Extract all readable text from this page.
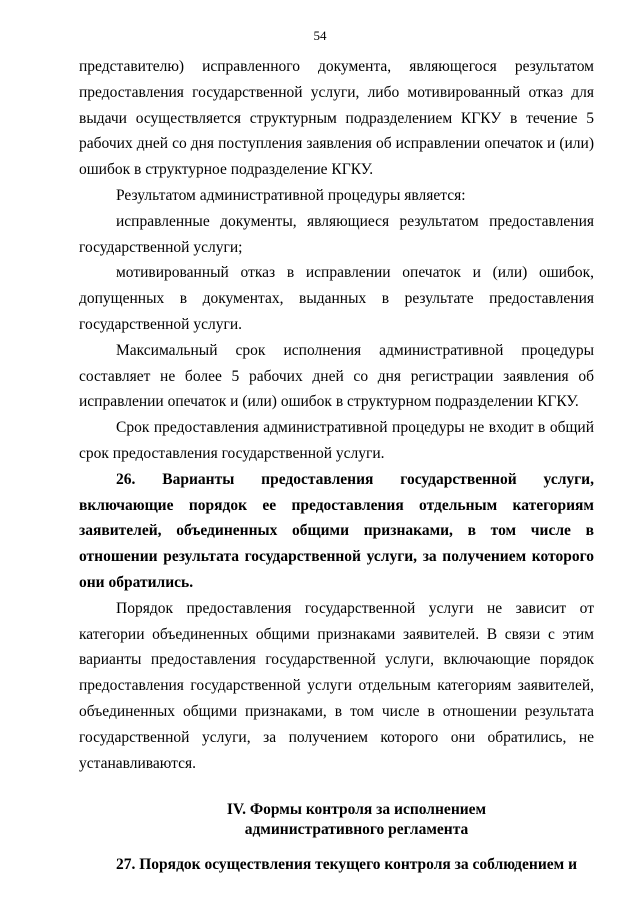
54

представителю) исправленного документа, являющегося результатом предоставления государственной услуги, либо мотивированный отказ для выдачи осуществляется структурным подразделением КГКУ в течение 5 рабочих дней со дня поступления заявления об исправлении опечаток и (или) ошибок в структурное подразделение КГКУ.

Результатом административной процедуры является:

исправленные документы, являющиеся результатом предоставления государственной услуги;

мотивированный отказ в исправлении опечаток и (или) ошибок, допущенных в документах, выданных в результате предоставления государственной услуги.

Максимальный срок исполнения административной процедуры составляет не более 5 рабочих дней со дня регистрации заявления об исправлении опечаток и (или) ошибок в структурном подразделении КГКУ.

Срок предоставления административной процедуры не входит в общий срок предоставления государственной услуги.

26. Варианты предоставления государственной услуги, включающие порядок ее предоставления отдельным категориям заявителей, объединенных общими признаками, в том числе в отношении результата государственной услуги, за получением которого они обратились.

Порядок предоставления государственной услуги не зависит от категории объединенных общими признаками заявителей. В связи с этим варианты предоставления государственной услуги, включающие порядок предоставления государственной услуги отдельным категориям заявителей, объединенных общими признаками, в том числе в отношении результата государственной услуги, за получением которого они обратились, не устанавливаются.

IV. Формы контроля за исполнением
административного регламента

27. Порядок осуществления текущего контроля за соблюдением и
